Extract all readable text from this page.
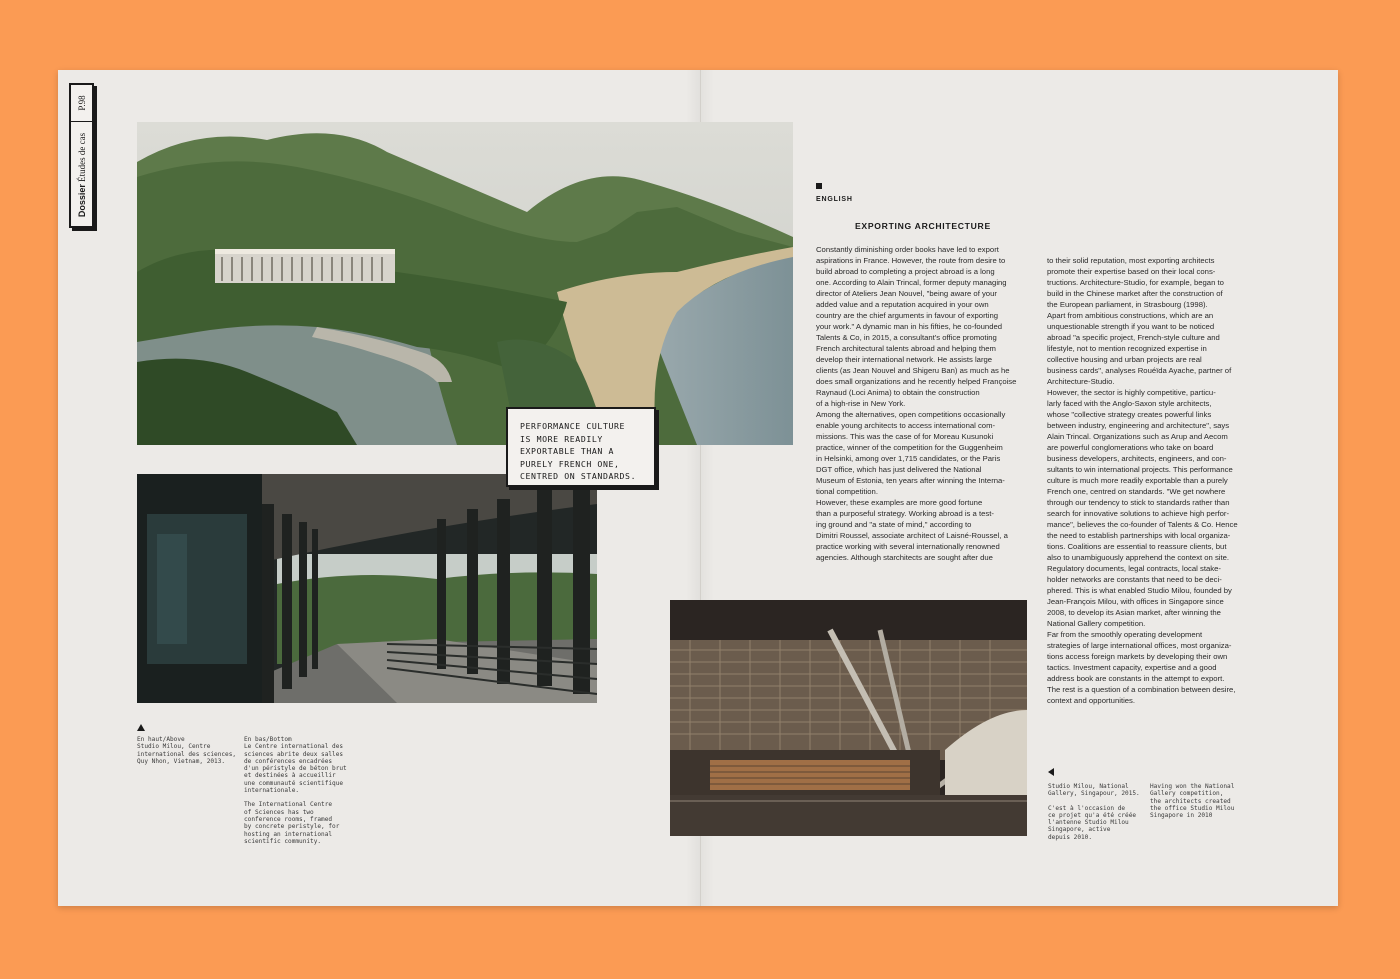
P.98
Dossier Études de cas
PERFORMANCE CULTURE
IS MORE READILY
EXPORTABLE THAN A
PURELY FRENCH ONE,
CENTRED ON STANDARDS.
En haut/Above
Studio Milou, Centre
international des sciences,
Quy Nhon, Vietnam, 2013.
En bas/Bottom
Le Centre international des
sciences abrite deux salles
de conférences encadrées
d'un péristyle de béton brut
et destinées à accueillir
une communauté scientifique
internationale.
The International Centre
of Sciences has two
conference rooms, framed
by concrete peristyle, for
hosting an international
scientific community.
Studio Milou, National
Gallery, Singapour, 2015.
C'est à l'occasion de
ce projet qu'a été créée
l'antenne Studio Milou
Singapore, active
depuis 2010.
Having won the National
Gallery competition,
the architects created
the office Studio Milou
Singapore in 2010
ENGLISH
EXPORTING ARCHITECTURE
Constantly diminishing order books have led to export
aspirations in France. However, the route from desire to
build abroad to completing a project abroad is a long
one. According to Alain Trincal, former deputy managing
director of Ateliers Jean Nouvel, "being aware of your
added value and a reputation acquired in your own
country are the chief arguments in favour of exporting
your work." A dynamic man in his fifties, he co-founded
Talents & Co, in 2015, a consultant's office promoting
French architectural talents abroad and helping them
develop their international network. He assists large
clients (as Jean Nouvel and Shigeru Ban) as much as he
does small organizations and he recently helped Françoise
Raynaud (Loci Anima) to obtain the construction
of a high-rise in New York.
Among the alternatives, open competitions occasionally
enable young architects to access international com-
missions. This was the case of for Moreau Kusunoki
practice, winner of the competition for the Guggenheim
in Helsinki, among over 1,715 candidates, or the Paris
DGT office, which has just delivered the National
Museum of Estonia, ten years after winning the Interna-
tional competition.
However, these examples are more good fortune
than a purposeful strategy. Working abroad is a test-
ing ground and "a state of mind," according to
Dimitri Roussel, associate architect of Laisné-Roussel, a
practice working with several internationally renowned
agencies. Although starchitects are sought after due
to their solid reputation, most exporting architects
promote their expertise based on their local cons-
tructions. Architecture-Studio, for example, began to
build in the Chinese market after the construction of
the European parliament, in Strasbourg (1998).
Apart from ambitious constructions, which are an
unquestionable strength if you want to be noticed
abroad "a specific project, French-style culture and
lifestyle, not to mention recognized expertise in
collective housing and urban projects are real
business cards", analyses Rouéïda Ayache, partner of
Architecture-Studio.
However, the sector is highly competitive, particu-
larly faced with the Anglo-Saxon style architects,
whose "collective strategy creates powerful links
between industry, engineering and architecture", says
Alain Trincal. Organizations such as Arup and Aecom
are powerful conglomerations who take on board
business developers, architects, engineers, and con-
sultants to win international projects. This performance
culture is much more readily exportable than a purely
French one, centred on standards. "We get nowhere
through our tendency to stick to standards rather than
search for innovative solutions to achieve high perfor-
mance", believes the co-founder of Talents & Co. Hence
the need to establish partnerships with local organiza-
tions. Coalitions are essential to reassure clients, but
also to unambiguously apprehend the context on site.
Regulatory documents, legal contracts, local stake-
holder networks are constants that need to be deci-
phered. This is what enabled Studio Milou, founded by
Jean-François Milou, with offices in Singapore since
2008, to develop its Asian market, after winning the
National Gallery competition.
Far from the smoothly operating development
strategies of large international offices, most organiza-
tions access foreign markets by developing their own
tactics. Investment capacity, expertise and a good
address book are constants in the attempt to export.
The rest is a question of a combination between desire,
context and opportunities.
